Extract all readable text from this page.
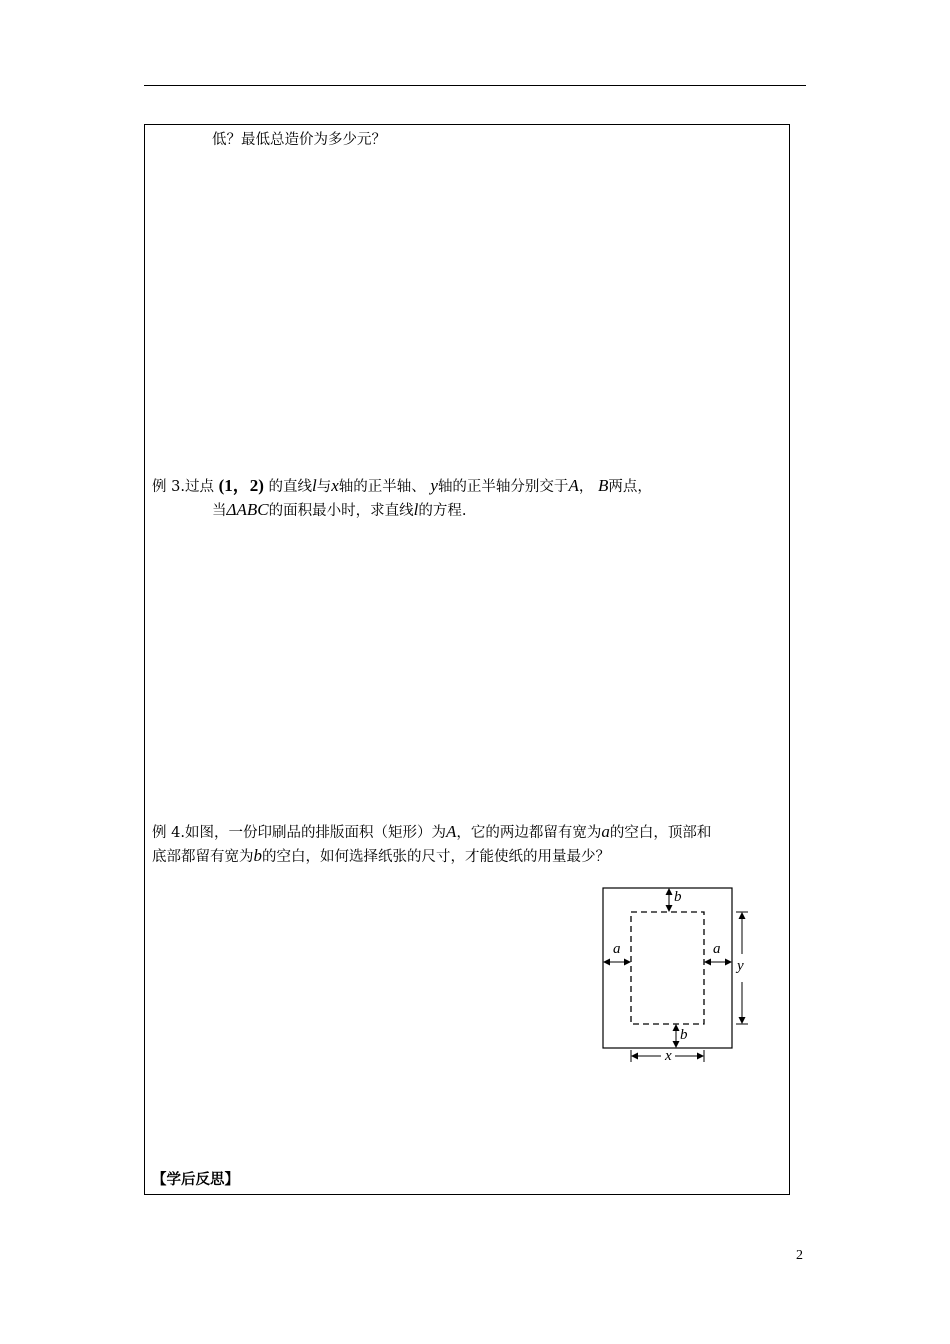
低？最低总造价为多少元？
例 3.过点 (1，2) 的直线l与x轴的正半轴、 y轴的正半轴分别交于A， B两点，
当ΔABC的面积最小时，求直线l的方程.
例 4.如图，一份印刷品的排版面积（矩形）为A，它的两边都留有宽为a的空白，顶部和
底部都留有宽为b的空白，如何选择纸张的尺寸，才能使纸的用量最少？
b
a	a
b
y
x
【学后反思】
2
